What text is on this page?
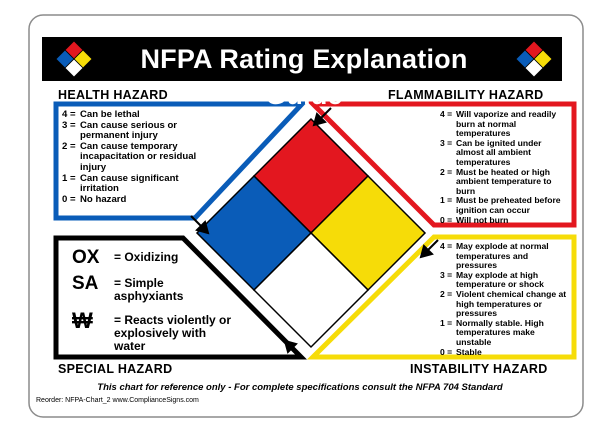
NFPA Rating Explanation Guide
HEALTH HAZARD	FLAMMABILITY HAZARD
SPECIAL HAZARD	INSTABILITY HAZARD
4 = Can be lethal
3 = Can cause serious or permanent injury
2 = Can cause temporary incapacitation or residual injury
1 = Can cause significant irritation
0 = No hazard
4 = Will vaporize and readily burn at normal temperatures
3 = Can be ignited under almost all ambient temperatures
2 = Must be heated or high ambient temperature to burn
1 = Must be preheated before ignition can occur
0 = Will not burn
4 = May explode at normal temperatures and pressures
3 = May explode at high temperature or shock
2 = Violent chemical change at high temperatures or pressures
1 = Normally stable. High temperatures make unstable
0 = Stable
OX	= Oxidizing
SA	= Simple asphyxiants
₩	= Reacts violently or explosively with water
This chart for reference only - For complete specifications consult the NFPA 704 Standard
Reorder: NFPA-Chart_2 www.ComplianceSigns.com
